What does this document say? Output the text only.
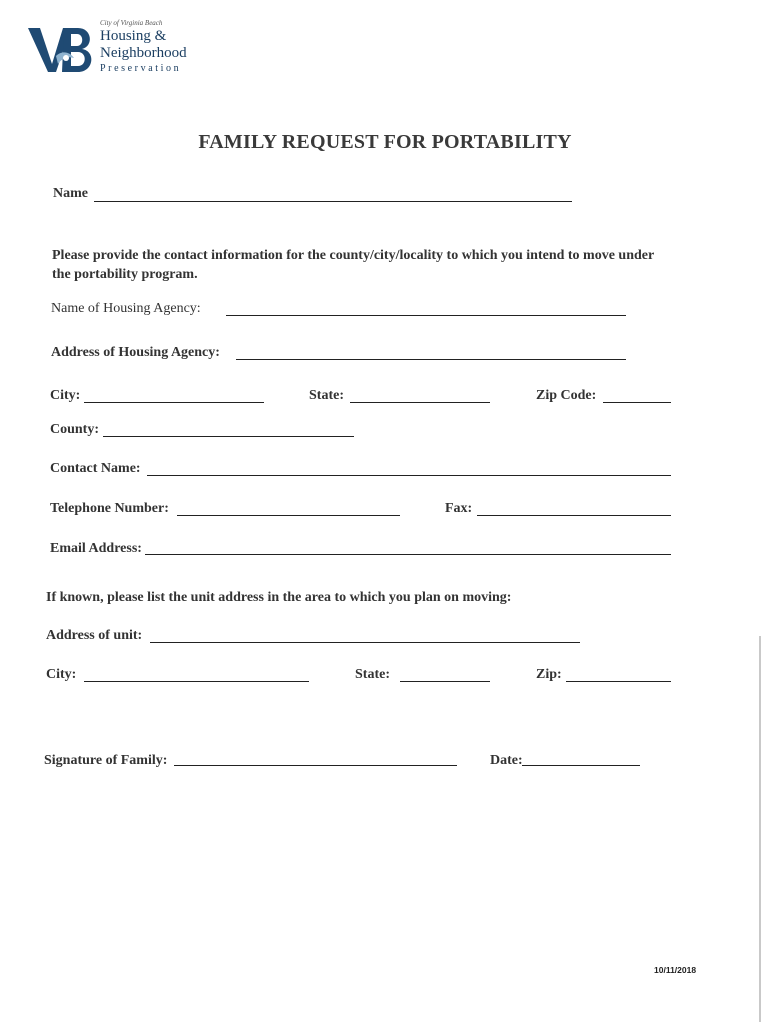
City of Virginia Beach
Housing &
Neighborhood
Preservation
FAMILY REQUEST FOR PORTABILITY
Name
Please provide the contact information for the county/city/locality to which you intend to move under the portability program.
Name of Housing Agency:
Address of Housing Agency:
City:	State:	Zip Code:
County:
Contact Name:
Telephone Number:	Fax:
Email Address:
If known, please list the unit address in the area to which you plan on moving:
Address of unit:
City:	State:	Zip:
Signature of Family:	Date:
10/11/2018
